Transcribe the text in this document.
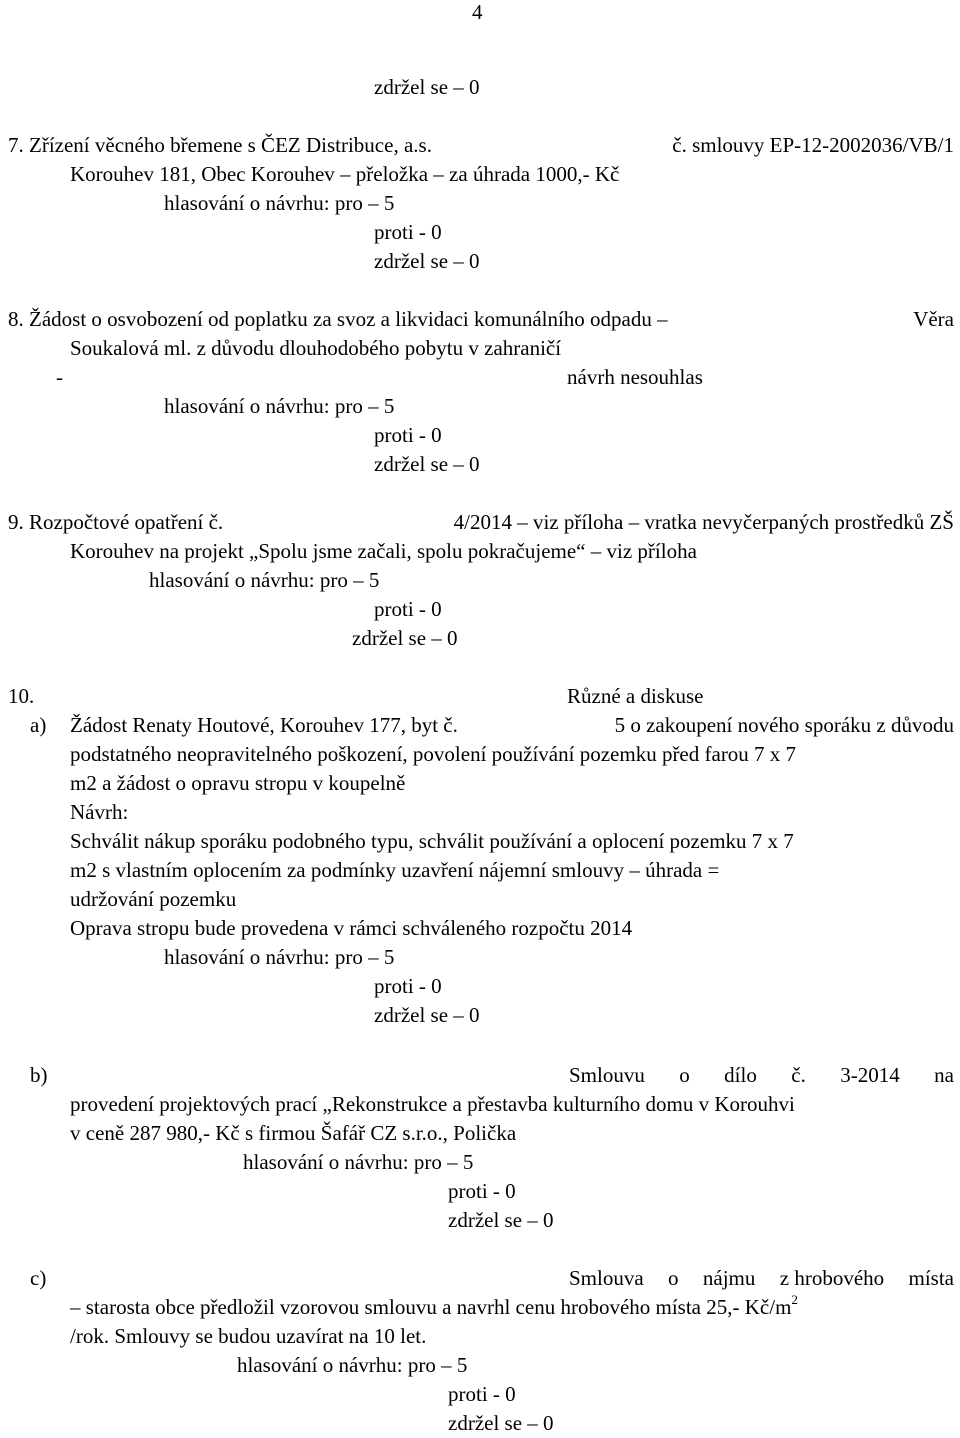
4
zdržel se – 0
7. Zřízení věcného břemene s ČEZ Distribuce, a.s.	č. smlouvy EP-12-2002036/VB/1
Korouhev 181, Obec Korouhev – přeložka – za úhrada 1000,- Kč
hlasování o návrhu: pro – 5
proti - 0
zdržel se – 0
8. Žádost o osvobození od poplatku za svoz a likvidaci komunálního odpadu –	Věra
Soukalová ml. z důvodu dlouhodobého pobytu v zahraničí
-	návrh nesouhlas
hlasování o návrhu: pro – 5
proti - 0
zdržel se – 0
9. Rozpočtové opatření č.	4/2014 – viz příloha – vratka nevyčerpaných prostředků ZŠ
Korouhev na projekt „Spolu jsme začali, spolu pokračujeme“ – viz příloha
hlasování o návrhu: pro – 5
proti - 0
zdržel se – 0
10.	Různé a diskuse
a) Žádost Renaty Houtové, Korouhev 177, byt č.	5 o zakoupení nového sporáku z důvodu
podstatného neopravitelného poškození, povolení používání pozemku před farou 7 x 7
m2 a žádost o opravu stropu v koupelně
Návrh:
Schválit nákup sporáku podobného typu, schválit používání a oplocení pozemku 7 x 7
m2 s vlastním oplocením za podmínky uzavření nájemní smlouvy – úhrada =
udržování pozemku
Oprava stropu bude provedena v rámci schváleného rozpočtu 2014
hlasování o návrhu: pro – 5
proti - 0
zdržel se – 0
b)	Smlouvu o dílo č. 3-2014 na
provedení projektových prací „Rekonstrukce a přestavba kulturního domu v Korouhvi
v ceně 287 980,- Kč s firmou Šafář CZ s.r.o., Polička
hlasování o návrhu: pro – 5
proti - 0
zdržel se – 0
c)	Smlouva o nájmu z hrobového místa
– starosta obce předložil vzorovou smlouvu a navrhl cenu hrobového místa 25,- $Kč/m^2$
/rok. Smlouvy se budou uzavírat na 10 let.
hlasování o návrhu: pro – 5
proti - 0
zdržel se – 0
